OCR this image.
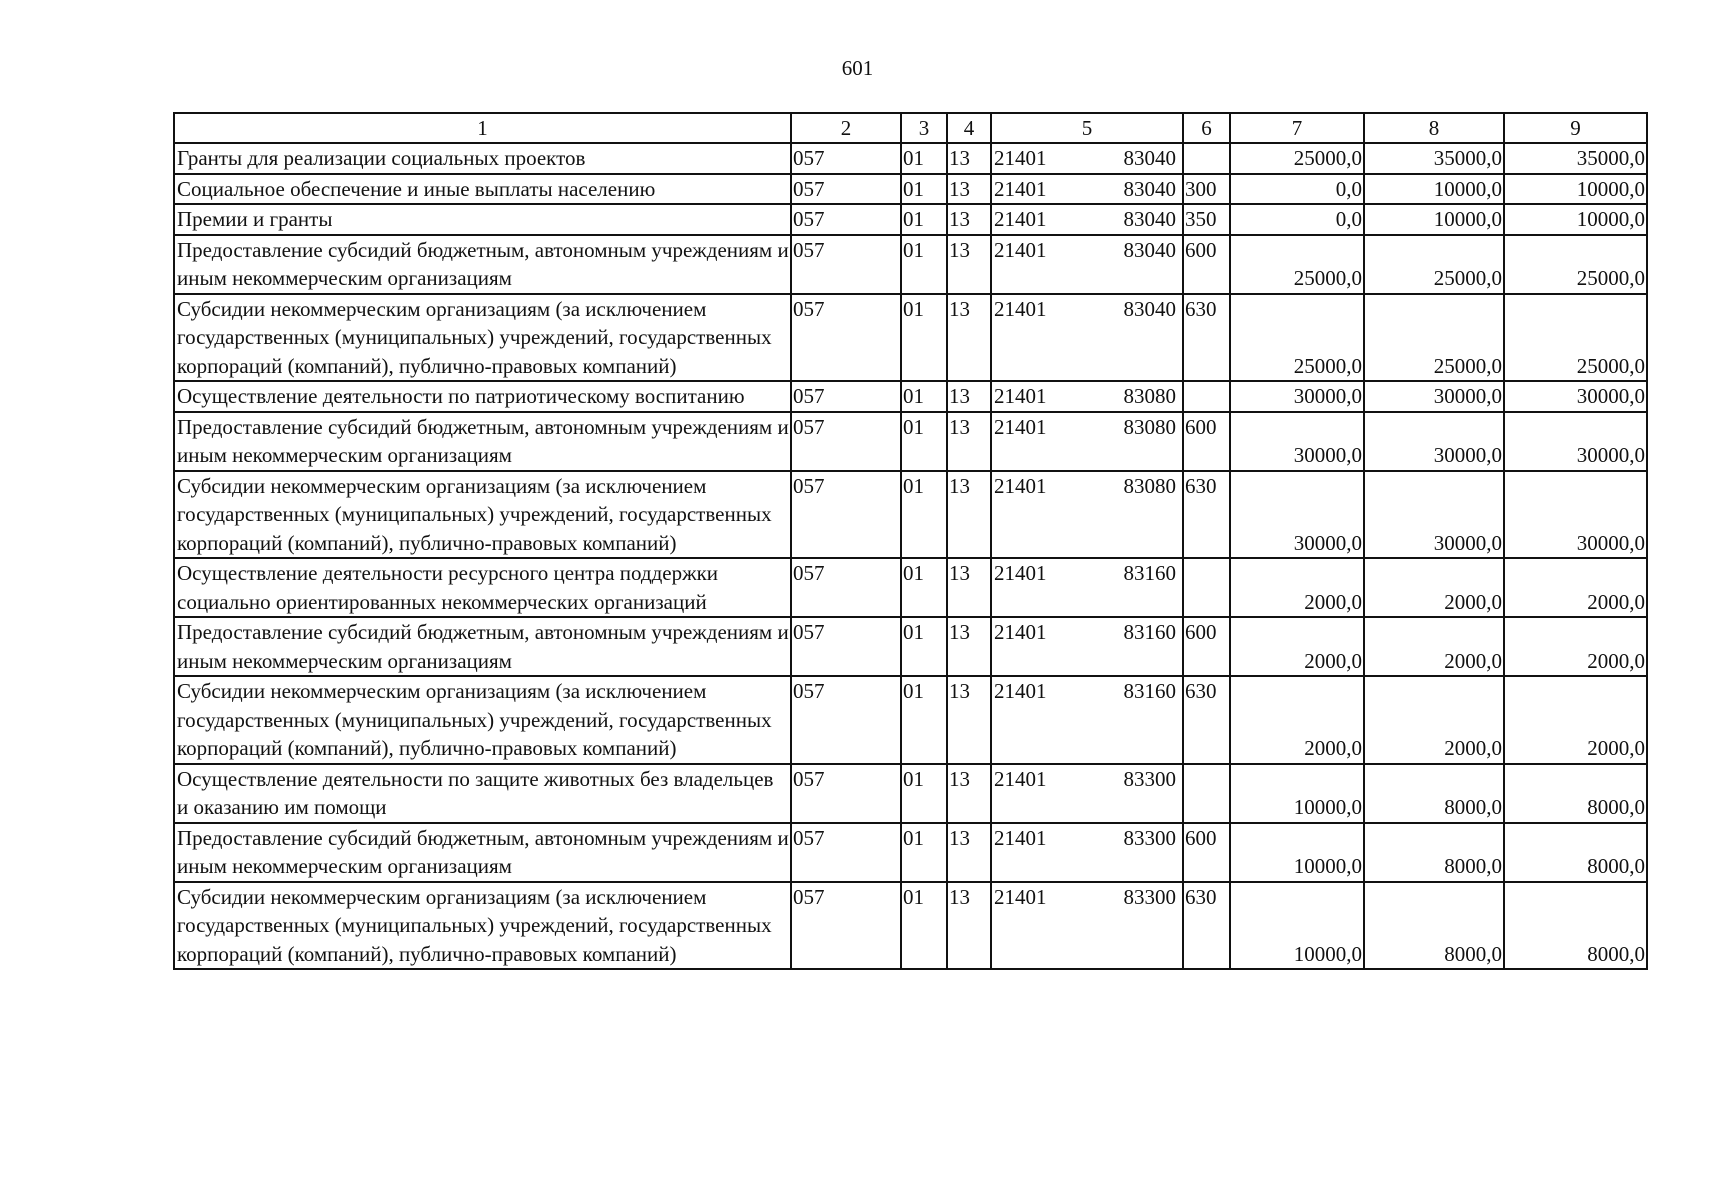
601
1	2	3	4	5	6	7	8	9
Гранты для реализации социальных проектов	057	01	13	21401 83040		25000,0	35000,0	35000,0
Социальное обеспечение и иные выплаты населению	057	01	13	21401 83040	300	0,0	10000,0	10000,0
Премии и гранты	057	01	13	21401 83040	350	0,0	10000,0	10000,0
Предоставление субсидий бюджетным, автономным учреждениям и иным некоммерческим организациям	057	01	13	21401 83040	600	25000,0	25000,0	25000,0
Субсидии некоммерческим организациям (за исключением государственных (муниципальных) учреждений, государственных корпораций (компаний), публично-правовых компаний)	057	01	13	21401 83040	630	25000,0	25000,0	25000,0
Осуществление деятельности по патриотическому воспитанию	057	01	13	21401 83080		30000,0	30000,0	30000,0
Предоставление субсидий бюджетным, автономным учреждениям и иным некоммерческим организациям	057	01	13	21401 83080	600	30000,0	30000,0	30000,0
Субсидии некоммерческим организациям (за исключением государственных (муниципальных) учреждений, государственных корпораций (компаний), публично-правовых компаний)	057	01	13	21401 83080	630	30000,0	30000,0	30000,0
Осуществление деятельности ресурсного центра поддержки социально ориентированных некоммерческих организаций	057	01	13	21401 83160		2000,0	2000,0	2000,0
Предоставление субсидий бюджетным, автономным учреждениям и иным некоммерческим организациям	057	01	13	21401 83160	600	2000,0	2000,0	2000,0
Субсидии некоммерческим организациям (за исключением государственных (муниципальных) учреждений, государственных корпораций (компаний), публично-правовых компаний)	057	01	13	21401 83160	630	2000,0	2000,0	2000,0
Осуществление деятельности по защите животных без владельцев и оказанию им помощи	057	01	13	21401 83300		10000,0	8000,0	8000,0
Предоставление субсидий бюджетным, автономным учреждениям и иным некоммерческим организациям	057	01	13	21401 83300	600	10000,0	8000,0	8000,0
Субсидии некоммерческим организациям (за исключением государственных (муниципальных) учреждений, государственных корпораций (компаний), публично-правовых компаний)	057	01	13	21401 83300	630	10000,0	8000,0	8000,0
